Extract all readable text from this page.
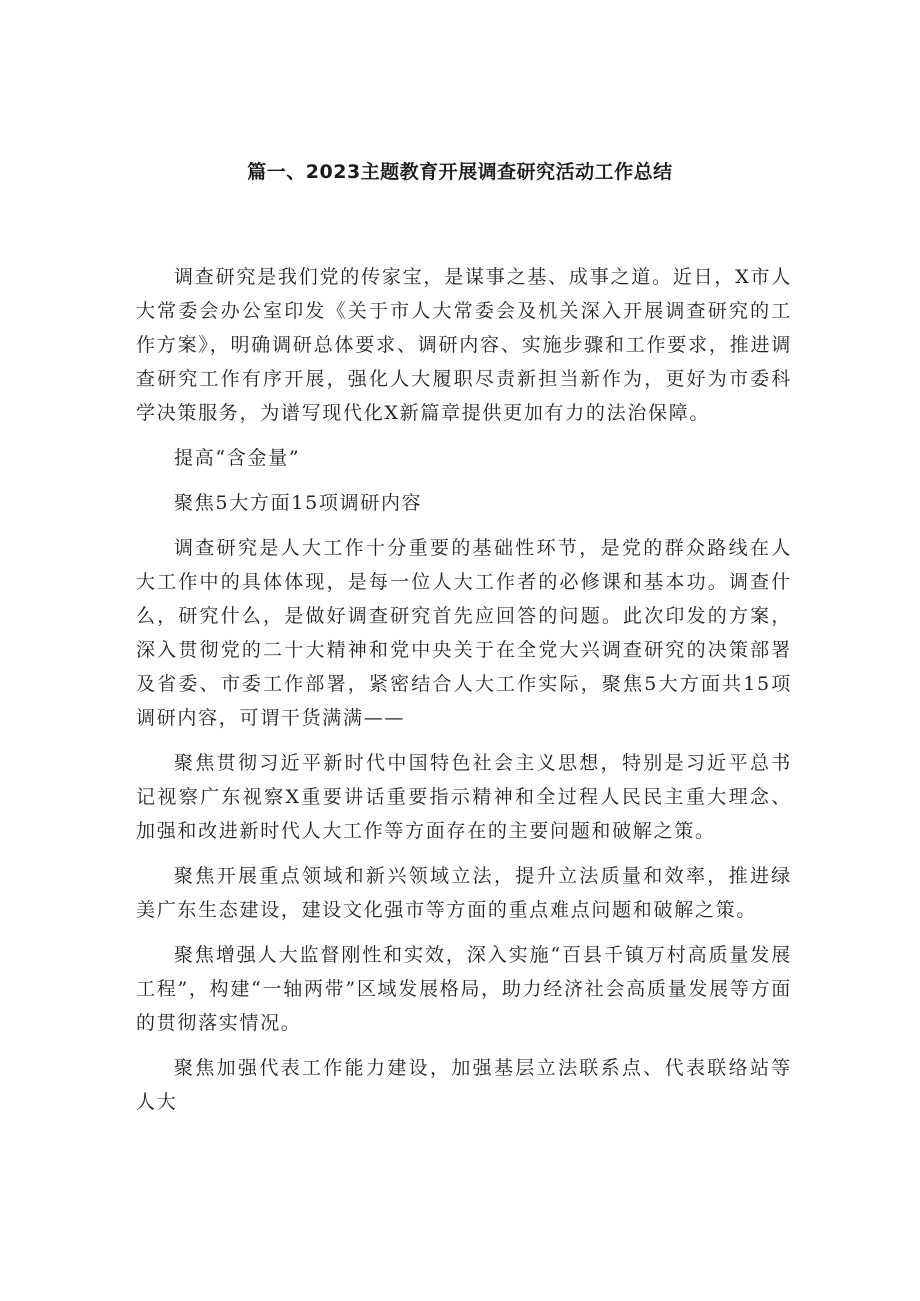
篇一、2023主题教育开展调查研究活动工作总结

调查研究是我们党的传家宝，是谋事之基、成事之道。近日，X市人大常委会办公室印发《关于市人大常委会及机关深入开展调查研究的工作方案》，明确调研总体要求、调研内容、实施步骤和工作要求，推进调查研究工作有序开展，强化人大履职尽责新担当新作为，更好为市委科学决策服务，为谱写现代化X新篇章提供更加有力的法治保障。

提高“含金量”

聚焦5大方面15项调研内容

调查研究是人大工作十分重要的基础性环节，是党的群众路线在人大工作中的具体体现，是每一位人大工作者的必修课和基本功。调查什么，研究什么，是做好调查研究首先应回答的问题。此次印发的方案，深入贯彻党的二十大精神和党中央关于在全党大兴调查研究的决策部署及省委、市委工作部署，紧密结合人大工作实际，聚焦5大方面共15项调研内容，可谓干货满满——

聚焦贯彻习近平新时代中国特色社会主义思想，特别是习近平总书记视察广东视察X重要讲话重要指示精神和全过程人民民主重大理念、加强和改进新时代人大工作等方面存在的主要问题和破解之策。

聚焦开展重点领域和新兴领域立法，提升立法质量和效率，推进绿美广东生态建设，建设文化强市等方面的重点难点问题和破解之策。

聚焦增强人大监督刚性和实效，深入实施“百县千镇万村高质量发展工程”，构建“一轴两带”区域发展格局，助力经济社会高质量发展等方面的贯彻落实情况。

聚焦加强代表工作能力建设，加强基层立法联系点、代表联络站等人大
